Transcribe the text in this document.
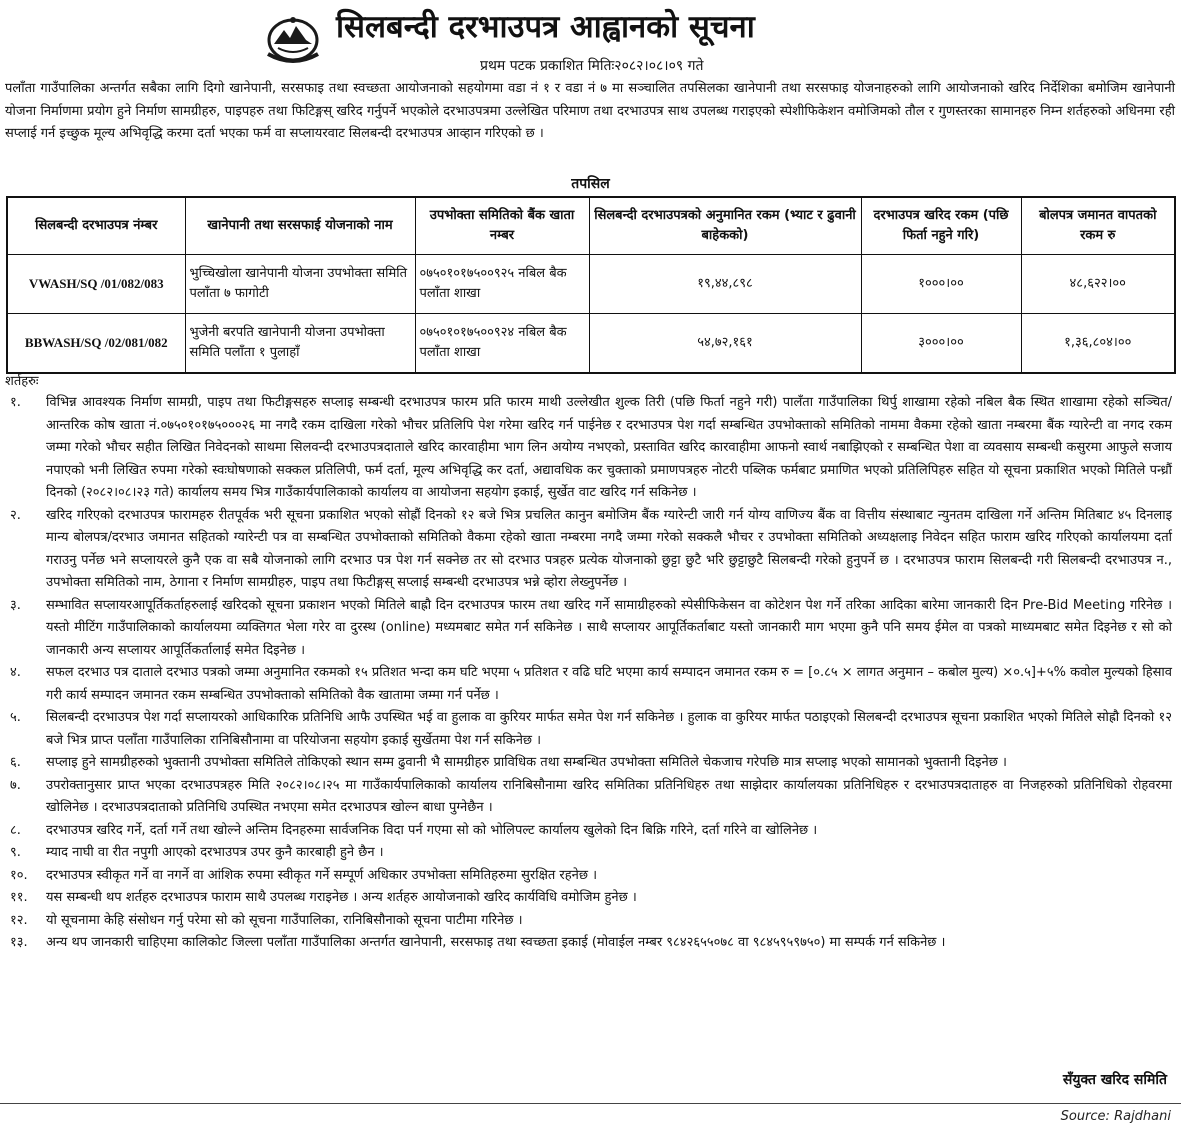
सिलबन्दी दरभाउपत्र आह्वानको सूचना
प्रथम पटक प्रकाशित मितिः२०८२।०८।०९ गते
पलाँता गाउँपालिका अन्तर्गत सबैका लागि दिगो खानेपानी, सरसफाइ तथा स्वच्छता आयोजनाको सहयोगमा वडा नं १ र वडा नं ७ मा सञ्चालित तपसिलका खानेपानी तथा सरसफाइ योजनाहरुको लागि आयोजनाको खरिद निर्देशिका बमोजिम खानेपानी योजना निर्माणमा प्रयोग हुने निर्माण सामग्रीहरु, पाइपहरु तथा फिटिङ्गस् खरिद गर्नुपर्ने भएकोले दरभाउपत्रमा उल्लेखित परिमाण तथा दरभाउपत्र साथ उपलब्ध गराइएको स्पेशीफिकेशन वमोजिमको तौल र गुणस्तरका सामानहरु निम्न शर्तहरुको अधिनमा रही सप्लाई गर्न इच्छुक मूल्य अभिवृद्धि करमा दर्ता भएका फर्म वा सप्लायरवाट सिलबन्दी दरभाउपत्र आव्हान गरिएको छ ।
तपसिल
सिलबन्दी दरभाउपत्र नंम्बर	खानेपानी तथा सरसफाई योजनाको नाम	उपभोक्ता समितिको बैंक खाता नम्बर	सिलबन्दी दरभाउपत्रको अनुमानित रकम (भ्याट र ढुवानी बाहेकको)	दरभाउपत्र खरिद रकम (पछि फिर्ता नहुने गरि)	बोलपत्र जमानत वापतको रकम रु
VWASH/SQ /01/082/083	भुच्चिखोला खानेपानी योजना उपभोक्ता समिति पलाँता ७ फागोटी	०७५०१०१७५००९२५ नबिल बैक पलाँता शाखा	१९,४४,८९८	१०००।००	४८,६२२।००
BBWASH/SQ /02/081/082	भुजेनी बरपति खानेपानी योजना उपभोक्ता समिति पलाँता १ पुलाहाँ	०७५०१०१७५००९२४ नबिल बैक पलाँता शाखा	५४,७२,१६१	३०००।००	१,३६,८०४।००
शर्तहरुः
१.	विभिन्न आवश्यक निर्माण सामग्री, पाइप तथा फिटीङ्गसहरु सप्लाइ सम्बन्धी दरभाउपत्र फारम प्रति फारम माथी उल्लेखीत शुल्क तिरी (पछि फिर्ता नहुने गरी) पालँता गाउँपालिका थिर्पु शाखामा रहेको नबिल बैक स्थित शाखामा रहेको सञ्चित/आन्तरिक कोष खाता नं.०७५०१०१७५०००२६ मा नगदै रकम दाखिला गरेको भौचर प्रतिलिपि पेश गरेमा खरिद गर्न पाईनेछ र दरभाउपत्र पेश गर्दा सम्बन्धित उपभोक्ताको समितिको नाममा वैकमा रहेको खाता नम्बरमा बैंक ग्यारेन्टी वा नगद रकम जम्मा गरेको भौचर सहीत लिखित निवेदनको साथमा सिलवन्दी दरभाउपत्रदाताले खरिद कारवाहीमा भाग लिन अयोग्य नभएको, प्रस्तावित खरिद कारवाहीमा आफनो स्वार्थ नबाझिएको र सम्बन्धित पेशा वा व्यवसाय सम्बन्धी कसुरमा आफुले सजाय नपाएको भनी लिखित रुपमा गरेको स्वःघोषणाको सक्कल प्रतिलिपी, फर्म दर्ता, मूल्य अभिवृद्धि कर दर्ता, अद्यावधिक कर चुक्ताको प्रमाणपत्रहरु नोटरी पब्लिक फर्मबाट प्रमाणित भएको प्रतिलिपिहरु सहित यो सूचना प्रकाशित भएको मितिले पन्ध्रौं दिनको (२०८२।०८।२३ गते) कार्यालय समय भित्र गाउँकार्यपालिकाको कार्यालय वा आयोजना सहयोग इकाई, सुर्खेत वाट खरिद गर्न सकिनेछ ।
२.	खरिद गरिएको दरभाउपत्र फारामहरु रीतपूर्वक भरी सूचना प्रकाशित भएको सोह्रौं दिनको १२ बजे भित्र प्रचलित कानुन बमोजिम बैंक ग्यारेन्टी जारी गर्न योग्य वाणिज्य बैंक वा वित्तीय संस्थाबाट न्युनतम दाखिला गर्ने अन्तिम मितिबाट ४५ दिनलाइ मान्य बोलपत्र/दरभाउ जमानत सहितको ग्यारेन्टी पत्र वा सम्बन्धित उपभोक्ताको समितिको वैकमा रहेको खाता नम्बरमा नगदै जम्मा गरेको सक्कलै भौचर र उपभोक्ता समितिको अध्यक्षलाइ निवेदन सहित फाराम खरिद गरिएको कार्यालयमा दर्ता गराउनु पर्नेछ भने सप्लायरले कुनै एक वा सबै योजनाको लागि दरभाउ पत्र पेश गर्न सक्नेछ तर सो दरभाउ पत्रहरु प्रत्येक योजनाको छुट्टा छुटै भरि छुट्टाछुटै सिलबन्दी गरेको हुनुपर्ने छ । दरभाउपत्र फाराम सिलबन्दी गरी सिलबन्दी दरभाउपत्र न., उपभोक्ता समितिको नाम, ठेगाना र निर्माण सामग्रीहरु, पाइप तथा फिटीङ्गस् सप्लाई सम्बन्धी दरभाउपत्र भन्ने व्होरा लेख्नुपर्नेछ ।
३.	सम्भावित सप्लायरआपूर्तिकर्ताहरुलाई खरिदको सूचना प्रकाशन भएको मितिले बाह्रौ दिन दरभाउपत्र फारम तथा खरिद गर्ने सामाग्रीहरुको स्पेसीफिकेसन वा कोटेशन पेश गर्ने तरिका आदिका बारेमा जानकारी दिन Pre-Bid Meeting गरिनेछ । यस्तो मीटिंग गाउँपालिकाको कार्यालयमा व्यक्तिगत भेला गरेर वा दुरस्थ (online) मध्यमबाट समेत गर्न सकिनेछ । साथै सप्लायर आपूर्तिकर्ताबाट यस्तो जानकारी माग भएमा कुनै पनि समय ईमेल वा पत्रको माध्यमबाट समेत दिइनेछ र सो को जानकारी अन्य सप्लायर आपूर्तिकर्तालाई समेत दिइनेछ ।
४.	सफल दरभाउ पत्र दाताले दरभाउ पत्रको जम्मा अनुमानित रकमको १५ प्रतिशत भन्दा कम घटि भएमा ५ प्रतिशत र वढि घटि भएमा कार्य सम्पादन जमानत रकम रु = [०.८५ × लागत अनुमान – कबोल मुल्य) ×०.५]+५% कवोल मुल्यको हिसाव गरी कार्य सम्पादन जमानत रकम सम्बन्धित उपभोक्ताको समितिको वैक खातामा जम्मा गर्न पर्नेछ ।
५.	सिलबन्दी दरभाउपत्र पेश गर्दा सप्लायरको आधिकारिक प्रतिनिधि आफै उपस्थित भई वा हुलाक वा कुरियर मार्फत समेत पेश गर्न सकिनेछ । हुलाक वा कुरियर मार्फत पठाइएको सिलबन्दी दरभाउपत्र सूचना प्रकाशित भएको मितिले सोह्रौ दिनको १२ बजे भित्र प्राप्त पलाँता गाउँपालिका रानिबिसौनामा वा परियोजना सहयोग इकाई सुर्खेतमा पेश गर्न सकिनेछ ।
६.	सप्लाइ हुने सामग्रीहरुको भुक्तानी उपभोक्ता समितिले तोकिएको स्थान सम्म ढुवानी भै सामग्रीहरु प्राविधिक तथा सम्बन्धित उपभोक्ता समितिले चेकजाच गरेपछि मात्र सप्लाइ भएको सामानको भुक्तानी दिइनेछ ।
७.	उपरोक्तानुसार प्राप्त भएका दरभाउपत्रहरु मिति २०८२।०८।२५ मा गाउँकार्यपालिकाको कार्यालय रानिबिसौनामा खरिद समितिका प्रतिनिधिहरु तथा साझेदार कार्यालयका प्रतिनिधिहरु र दरभाउपत्रदाताहरु वा निजहरुको प्रतिनिधिको रोहवरमा खोलिनेछ । दरभाउपत्रदाताको प्रतिनिधि उपस्थित नभएमा समेत दरभाउपत्र खोल्न बाधा पुग्नेछैन ।
८.	दरभाउपत्र खरिद गर्ने, दर्ता गर्ने तथा खोल्ने अन्तिम दिनहरुमा सार्वजनिक विदा पर्न गएमा सो को भोलिपल्ट कार्यालय खुलेको दिन बिक्रि गरिने, दर्ता गरिने वा खोलिनेछ ।
९.	म्याद नाघी वा रीत नपुगी आएको दरभाउपत्र उपर कुनै कारबाही हुने छैन ।
१०.	दरभाउपत्र स्वीकृत गर्ने वा नगर्ने वा आंशिक रुपमा स्वीकृत गर्ने सम्पूर्ण अधिकार उपभोक्ता समितिहरुमा सुरक्षित रहनेछ ।
११.	यस सम्बन्धी थप शर्तहरु दरभाउपत्र फाराम साथै उपलब्ध गराइनेछ । अन्य शर्तहरु आयोजनाको खरिद कार्यविधि वमोजिम हुनेछ ।
१२.	यो सूचनामा केहि संसोधन गर्नु परेमा सो को सूचना गाउँपालिका, रानिबिसौनाको सूचना पाटीमा गरिनेछ ।
१३.	अन्य थप जानकारी चाहिएमा कालिकोट जिल्ला पलाँता गाउँपालिका अन्तर्गत खानेपानी, सरसफाइ तथा स्वच्छता इकाई (मोवाईल नम्बर ९८४२६५५०७८ वा ९८४५९५९७५०) मा सम्पर्क गर्न सकिनेछ ।
सँयुक्त खरिद समिति
Source: Rajdhani
